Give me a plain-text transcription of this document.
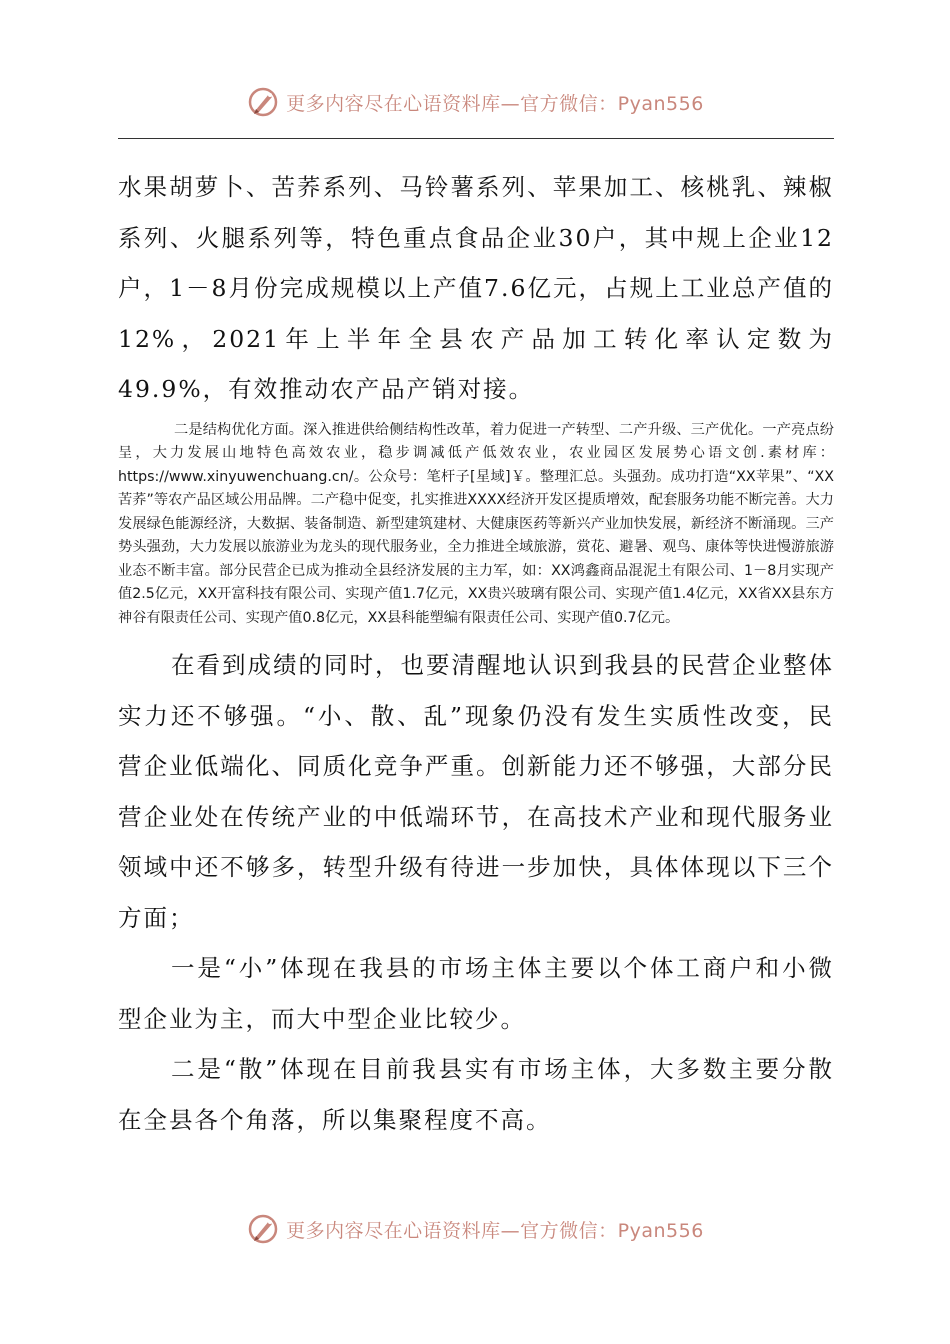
更多内容尽在心语资料库—官方微信：Pyan556

水果胡萝卜、苦荞系列、马铃薯系列、苹果加工、核桃乳、辣椒系列、火腿系列等，特色重点食品企业30户，其中规上企业12户，1－8月份完成规模以上产值7.6亿元，占规上工业总产值的12%，2021年上半年全县农产品加工转化率认定数为49.9%，有效推动农产品产销对接。

二是结构优化方面。深入推进供给侧结构性改革，着力促进一产转型、二产升级、三产优化。一产亮点纷呈，大力发展山地特色高效农业，稳步调减低产低效农业，农业园区发展势心语文创.素材库：https://www.xinyuwenchuang.cn/。公众号：笔杆子[星域]￥。整理汇总。头强劲。成功打造“XX苹果”、“XX苦荞”等农产品区域公用品牌。二产稳中促变，扎实推进XXXX经济开发区提质增效，配套服务功能不断完善。大力发展绿色能源经济，大数据、装备制造、新型建筑建材、大健康医药等新兴产业加快发展，新经济不断涌现。三产势头强劲，大力发展以旅游业为龙头的现代服务业，全力推进全域旅游，赏花、避暑、观鸟、康体等快进慢游旅游业态不断丰富。部分民营企已成为推动全县经济发展的主力军，如：XX鸿鑫商品混泥土有限公司、1－8月实现产值2.5亿元，XX开富科技有限公司、实现产值1.7亿元，XX贵兴玻璃有限公司、实现产值1.4亿元，XX省XX县东方神谷有限责任公司、实现产值0.8亿元，XX县科能塑编有限责任公司、实现产值0.7亿元。

在看到成绩的同时，也要清醒地认识到我县的民营企业整体实力还不够强。“小、散、乱”现象仍没有发生实质性改变，民营企业低端化、同质化竞争严重。创新能力还不够强，大部分民营企业处在传统产业的中低端环节，在高技术产业和现代服务业领域中还不够多，转型升级有待进一步加快，具体体现以下三个方面；

一是“小”体现在我县的市场主体主要以个体工商户和小微型企业为主，而大中型企业比较少。

二是“散”体现在目前我县实有市场主体，大多数主要分散在全县各个角落，所以集聚程度不高。

更多内容尽在心语资料库—官方微信：Pyan556
